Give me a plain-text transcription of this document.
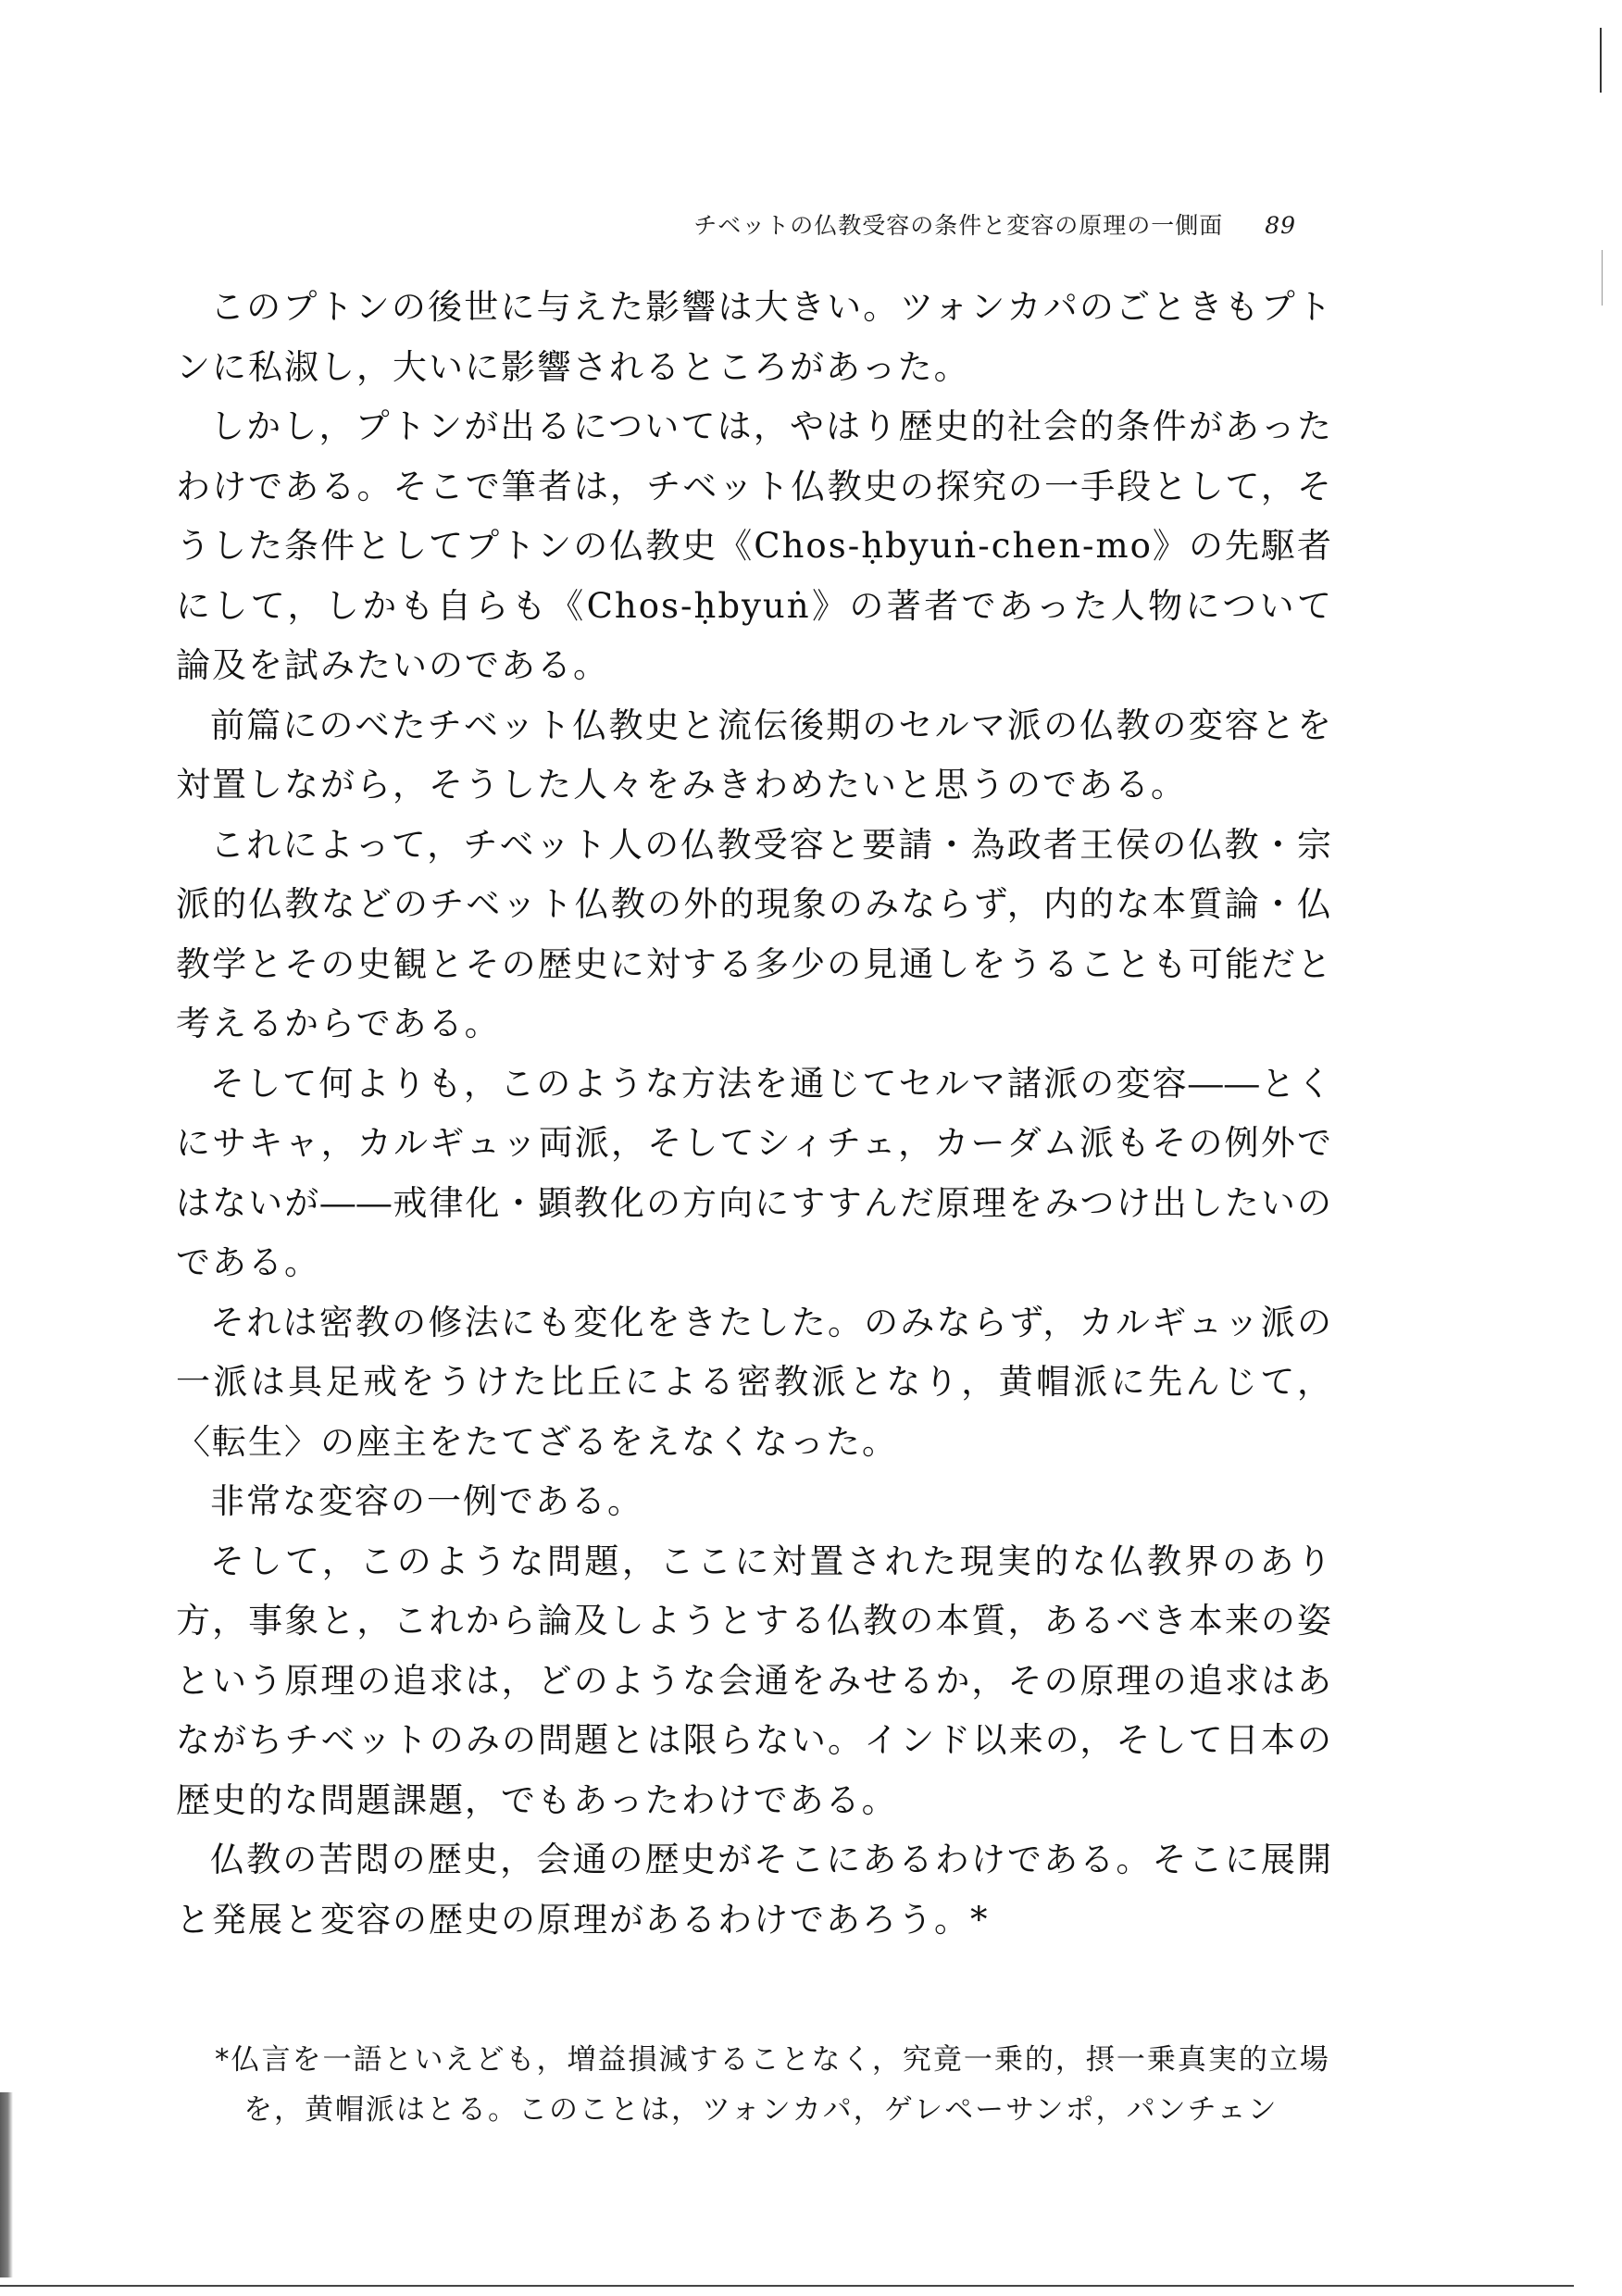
チベットの仏教受容の条件と変容の原理の一側面 89

このプトンの後世に与えた影響は大きい。ツォンカパのごときもプトンに私淑し，大いに影響されるところがあった。

しかし，プトンが出るについては，やはり歴史的社会的条件があったわけである。そこで筆者は，チベット仏教史の探究の一手段として，そうした条件としてプトンの仏教史《Chos-ḥbyuṅ-chen-mo》の先駆者にして，しかも自らも《Chos-ḥbyuṅ》の著者であった人物について論及を試みたいのである。

前篇にのべたチベット仏教史と流伝後期のセルマ派の仏教の変容とを対置しながら，そうした人々をみきわめたいと思うのである。

これによって，チベット人の仏教受容と要請・為政者王侯の仏教・宗派的仏教などのチベット仏教の外的現象のみならず，内的な本質論・仏教学とその史観とその歴史に対する多少の見通しをうることも可能だと考えるからである。

そして何よりも，このような方法を通じてセルマ諸派の変容――とくにサキャ，カルギュッ両派，そしてシィチェ，カーダム派もその例外ではないが――戒律化・顕教化の方向にすすんだ原理をみつけ出したいのである。

それは密教の修法にも変化をきたした。のみならず，カルギュッ派の一派は具足戒をうけた比丘による密教派となり，黄帽派に先んじて，〈転生〉の座主をたてざるをえなくなった。

非常な変容の一例である。

そして，このような問題，ここに対置された現実的な仏教界のあり方，事象と，これから論及しようとする仏教の本質，あるべき本来の姿という原理の追求は，どのような会通をみせるか，その原理の追求はあながちチベットのみの問題とは限らない。インド以来の，そして日本の歴史的な問題課題，でもあったわけである。

仏教の苦悶の歴史，会通の歴史がそこにあるわけである。そこに展開と発展と変容の歴史の原理があるわけであろう。*

*仏言を一語といえども，増益損減することなく，究竟一乗的，摂一乗真実的立場を，黄帽派はとる。このことは，ツォンカパ，ゲレペーサンポ，パンチェン
